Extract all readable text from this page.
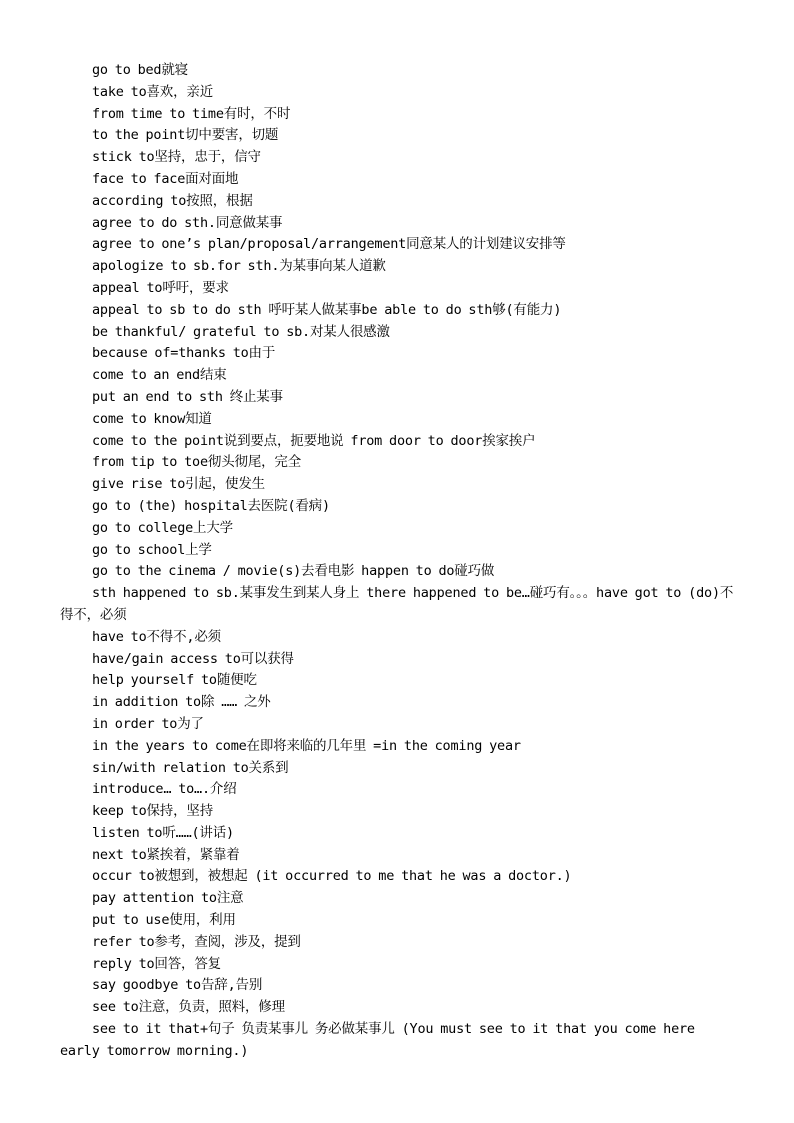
go to bed就寝
take to喜欢，亲近
from time to time有时，不时
to the point切中要害，切题
stick to坚持，忠于，信守
face to face面对面地
according to按照，根据
agree to do sth.同意做某事
agree to one’s plan/proposal/arrangement同意某人的计划建议安排等
apologize to sb.for sth.为某事向某人道歉
appeal to呼吁，要求
appeal to sb to do sth 呼吁某人做某事be able to do sth够(有能力)
be thankful/ grateful to sb.对某人很感激
because of=thanks to由于
come to an end结束
put an end to sth 终止某事
come to know知道
come to the point说到要点，扼要地说 from door to door挨家挨户
from tip to toe彻头彻尾，完全
give rise to引起，使发生
go to (the) hospital去医院(看病)
go to college上大学
go to school上学
go to the cinema / movie(s)去看电影 happen to do碰巧做
sth happened to sb.某事发生到某人身上 there happened to be…碰巧有。。。have got to (do)不得不，必须
have to不得不,必须
have/gain access to可以获得
help yourself to随便吃
in addition to除 …… 之外
in order to为了
in the years to come在即将来临的几年里 =in the coming year
sin/with relation to关系到
introduce… to….介绍
keep to保持，坚持
listen to听……(讲话)
next to紧挨着，紧靠着
occur to被想到，被想起 (it occurred to me that he was a doctor.)
pay attention to注意
put to use使用，利用
refer to参考，查阅，涉及，提到
reply to回答，答复
say goodbye to告辞,告别
see to注意，负责，照料，修理
see to it that+句子 负责某事儿 务必做某事儿 (You must see to it that you come here early tomorrow morning.)
